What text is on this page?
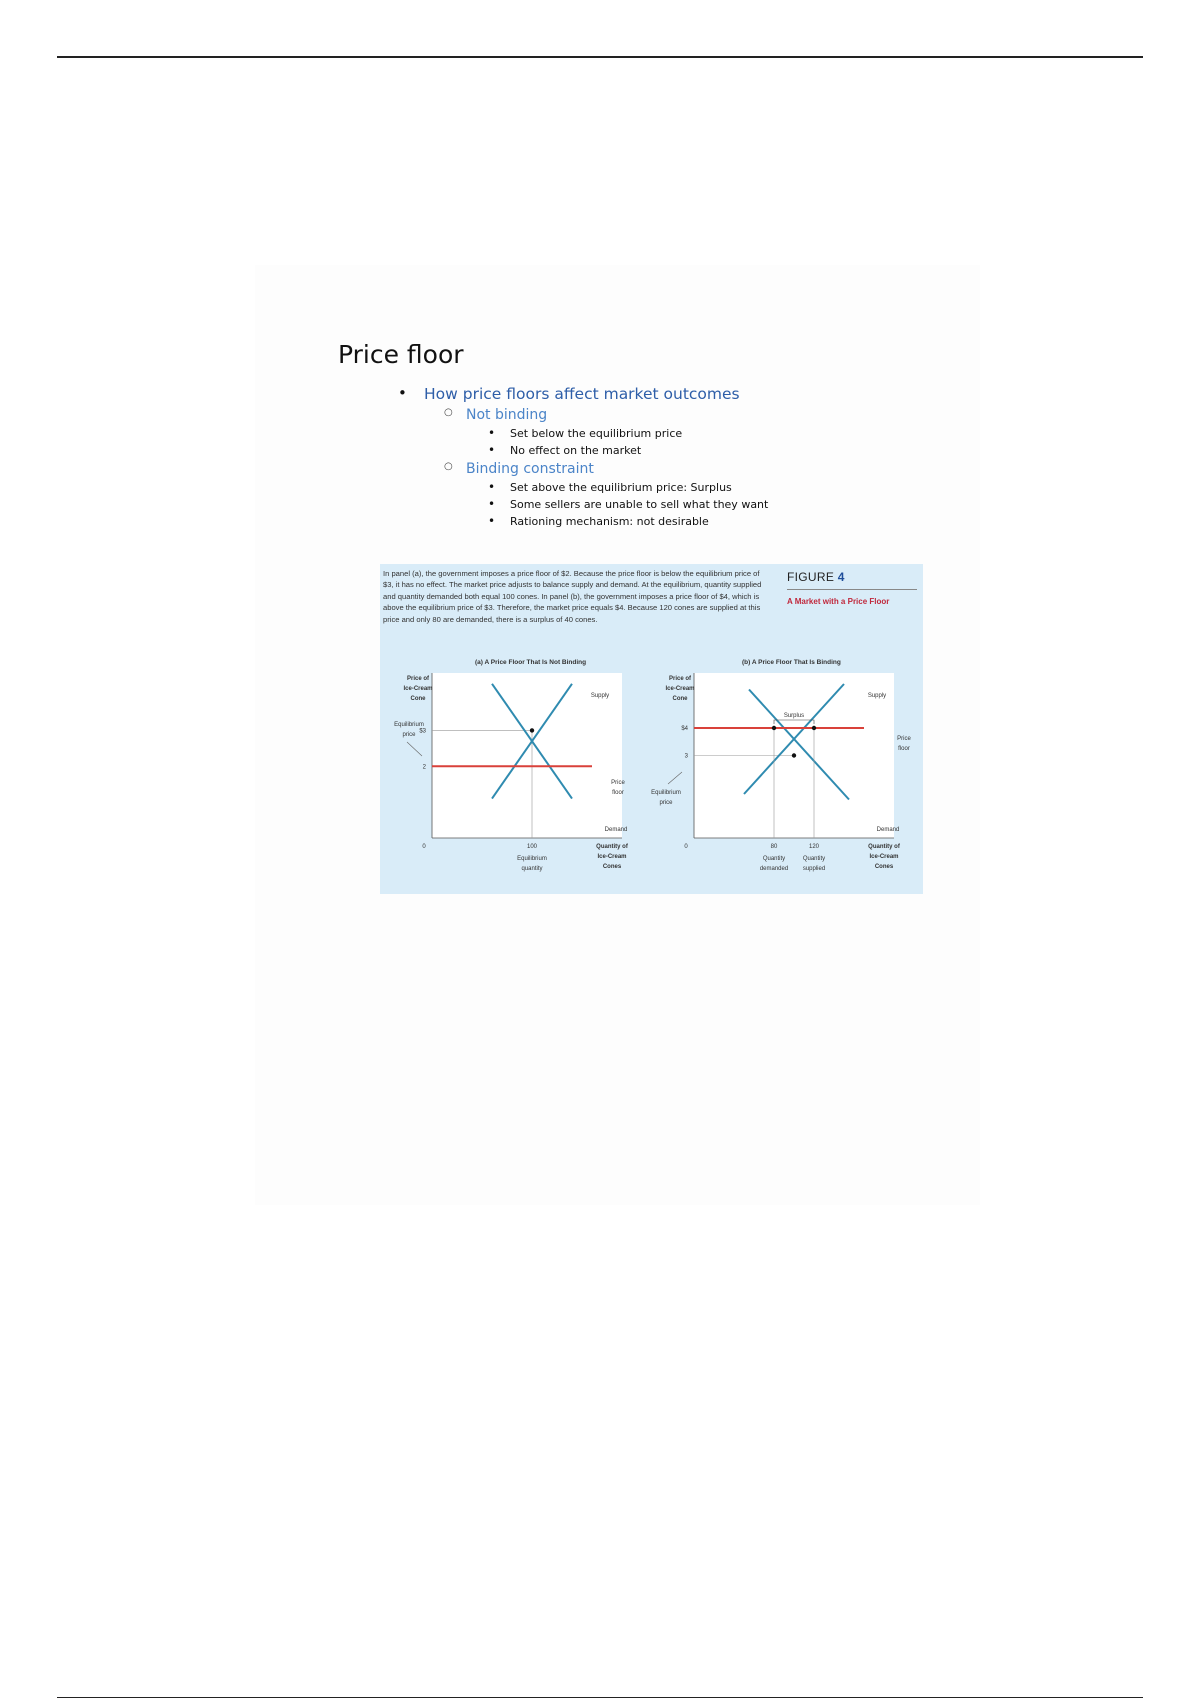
Price floor
• How price floors affect market outcomes
○ Not binding
• Set below the equilibrium price
• No effect on the market
○ Binding constraint
• Set above the equilibrium price: Surplus
• Some sellers are unable to sell what they want
• Rationing mechanism: not desirable
In panel (a), the government imposes a price floor of $2. Because the price floor is below the equilibrium price of $3, it has no effect. The market price adjusts to balance supply and demand. At the equilibrium, quantity supplied and quantity demanded both equal 100 cones. In panel (b), the government imposes a price floor of $4, which is above the equilibrium price of $3. Therefore, the market price equals $4. Because 120 cones are supplied at this price and only 80 are demanded, there is a surplus of 40 cones.
FIGURE 4
A Market with a Price Floor
(a) A Price Floor That Is Not Binding	(b) A Price Floor That Is Binding
Price of
Ice-Cream
Cone
Quantity of
Ice-Cream
Cones
0
$3
2
100
Equilibrium
quantity
Equilibrium
price
Supply
Price
floor
Demand
Price of
Ice-Cream
Cone
Quantity of
Ice-Cream
Cones
0
Surplus
$4
3
80	120
Quantity
demanded
Quantity
supplied
Equilibrium
price
Supply
Price
floor
Demand
